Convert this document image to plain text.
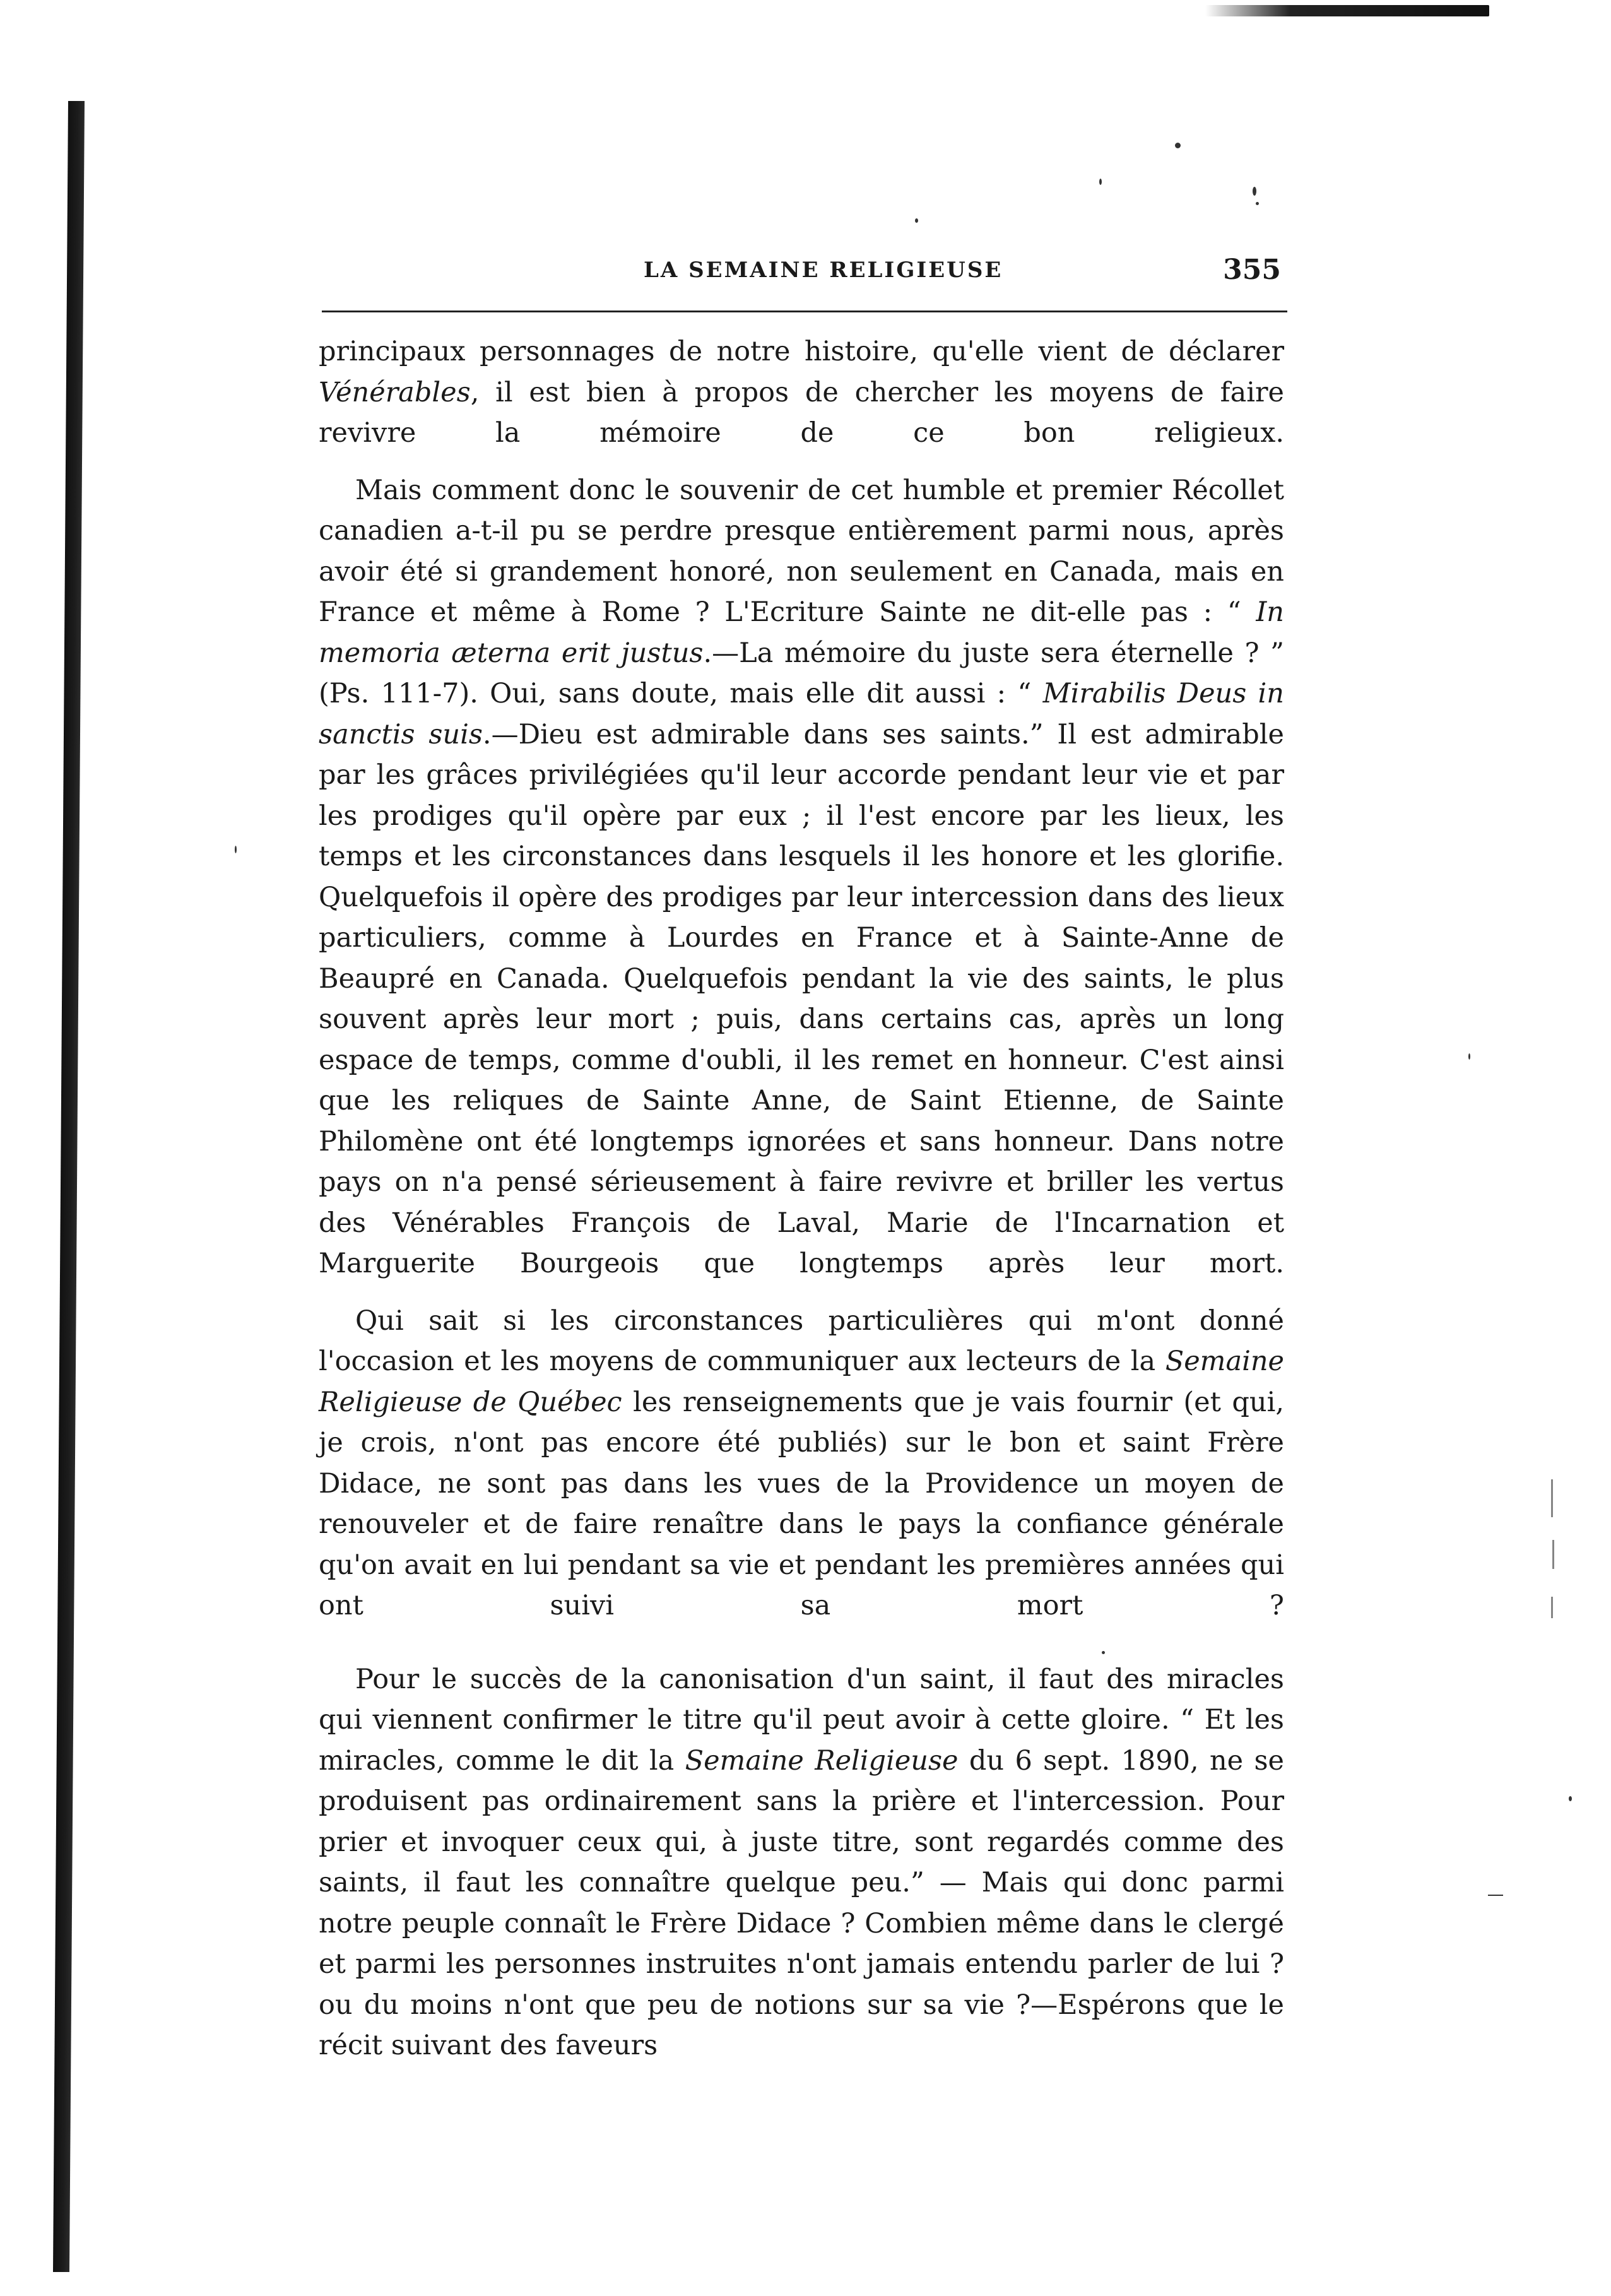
LA SEMAINE RELIGIEUSE	355

principaux personnages de notre histoire, qu'elle vient de déclarer Vénérables, il est bien à propos de chercher les moyens de faire revivre la mémoire de ce bon religieux.

Mais comment donc le souvenir de cet humble et premier Récollet canadien a-t-il pu se perdre presque entièrement parmi nous, après avoir été si grandement honoré, non seulement en Canada, mais en France et même à Rome ? L'Ecriture Sainte ne dit-elle pas : “ In memoria æterna erit justus.—La mémoire du juste sera éternelle ? ” (Ps. 111-7). Oui, sans doute, mais elle dit aussi : “ Mirabilis Deus in sanctis suis.—Dieu est admirable dans ses saints.” Il est admirable par les grâces privilégiées qu'il leur accorde pendant leur vie et par les prodiges qu'il opère par eux ; il l'est encore par les lieux, les temps et les circonstances dans lesquels il les honore et les glorifie. Quelquefois il opère des prodiges par leur intercession dans des lieux particuliers, comme à Lourdes en France et à Sainte-Anne de Beaupré en Canada. Quelquefois pendant la vie des saints, le plus souvent après leur mort ; puis, dans certains cas, après un long espace de temps, comme d'oubli, il les remet en honneur. C'est ainsi que les reliques de Sainte Anne, de Saint Etienne, de Sainte Philomène ont été longtemps ignorées et sans honneur. Dans notre pays on n'a pensé sérieusement à faire revivre et briller les vertus des Vénérables François de Laval, Marie de l'Incarnation et Marguerite Bourgeois que longtemps après leur mort.

Qui sait si les circonstances particulières qui m'ont donné l'occasion et les moyens de communiquer aux lecteurs de la Semaine Religieuse de Québec les renseignements que je vais fournir (et qui, je crois, n'ont pas encore été publiés) sur le bon et saint Frère Didace, ne sont pas dans les vues de la Providence un moyen de renouveler et de faire renaître dans le pays la confiance générale qu'on avait en lui pendant sa vie et pendant les premières années qui ont suivi sa mort ?

Pour le succès de la canonisation d'un saint, il faut des miracles qui viennent confirmer le titre qu'il peut avoir à cette gloire. “ Et les miracles, comme le dit la Semaine Religieuse du 6 sept. 1890, ne se produisent pas ordinairement sans la prière et l'intercession. Pour prier et invoquer ceux qui, à juste titre, sont regardés comme des saints, il faut les connaître quelque peu.” — Mais qui donc parmi notre peuple connaît le Frère Didace ? Combien même dans le clergé et parmi les personnes instruites n'ont jamais entendu parler de lui ? ou du moins n'ont que peu de notions sur sa vie ?—Espérons que le récit suivant des faveurs
